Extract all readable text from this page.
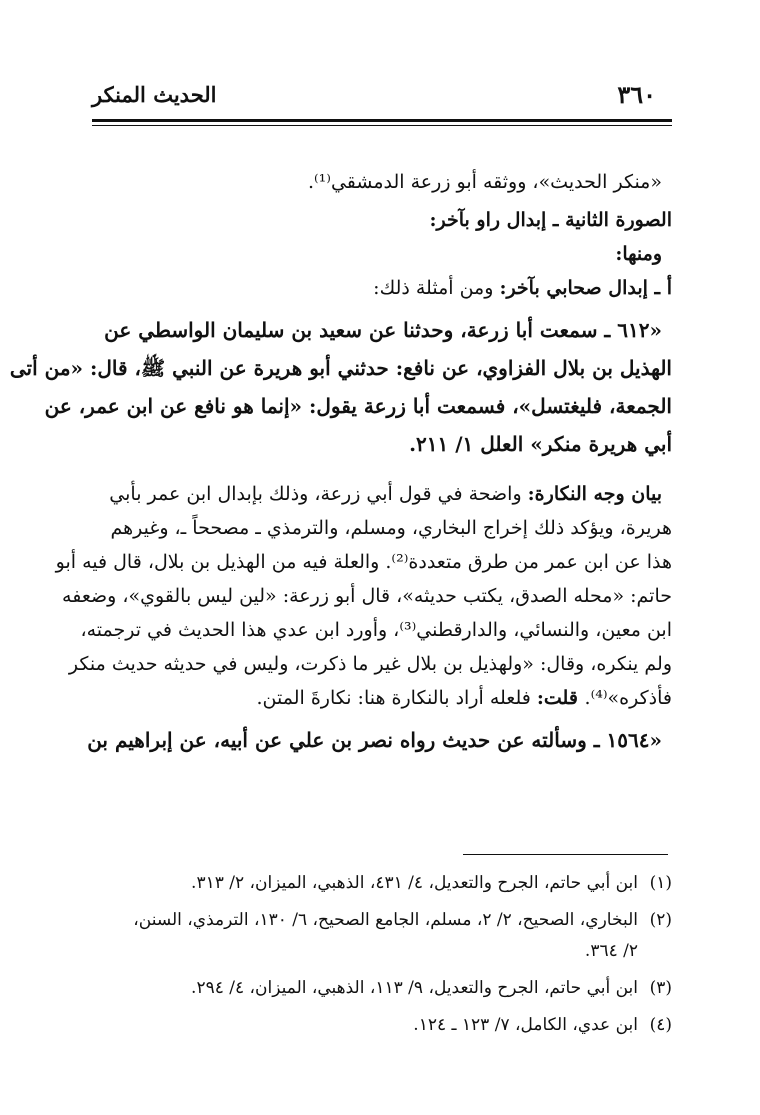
٣٦٠
الحديث المنكر

«منكر الحديث»، ووثقه أبو زرعة الدمشقي⁽¹⁾.

الصورة الثانية ـ إبدال راو بآخر:

ومنها:

أ ـ إبدال صحابي بآخر: ومن أمثلة ذلك:

«٦١٢ ـ سمعت أبا زرعة، وحدثنا عن سعيد بن سليمان الواسطي عن
الهذيل بن بلال الفزاوي، عن نافع: حدثني أبو هريرة عن النبي ﷺ، قال: «من أتى
الجمعة، فليغتسل»، فسمعت أبا زرعة يقول: «إنما هو نافع عن ابن عمر، عن
أبي هريرة منكر» العلل ١/ ٢١١.

بيان وجه النكارة: واضحة في قول أبي زرعة، وذلك بإبدال ابن عمر بأبي
هريرة، ويؤكد ذلك إخراج البخاري، ومسلم، والترمذي ـ مصححاً ـ، وغيرهم
هذا عن ابن عمر من طرق متعددة⁽²⁾. والعلة فيه من الهذيل بن بلال، قال فيه أبو
حاتم: «محله الصدق، يكتب حديثه»، قال أبو زرعة: «لين ليس بالقوي»، وضعفه
ابن معين، والنسائي، والدارقطني⁽³⁾، وأورد ابن عدي هذا الحديث في ترجمته،
ولم ينكره، وقال: «ولهذيل بن بلال غير ما ذكرت، وليس في حديثه حديث منكر
فأذكره»⁽⁴⁾. قلت: فلعله أراد بالنكارة هنا: نكارةَ المتن.

«١٥٦٤ ـ وسألته عن حديث رواه نصر بن علي عن أبيه، عن إبراهيم بن

(١)ابن أبي حاتم، الجرح والتعديل، ٤/ ٤٣١، الذهبي، الميزان، ٢/ ٣١٣.
(٢)البخاري، الصحيح، ٢/ ٢، مسلم، الجامع الصحيح، ٦/ ١٣٠، الترمذي، السنن،
٢/ ٣٦٤.
(٣)ابن أبي حاتم، الجرح والتعديل، ٩/ ١١٣، الذهبي، الميزان، ٤/ ٢٩٤.
(٤)ابن عدي، الكامل، ٧/ ١٢٣ ـ ١٢٤.
